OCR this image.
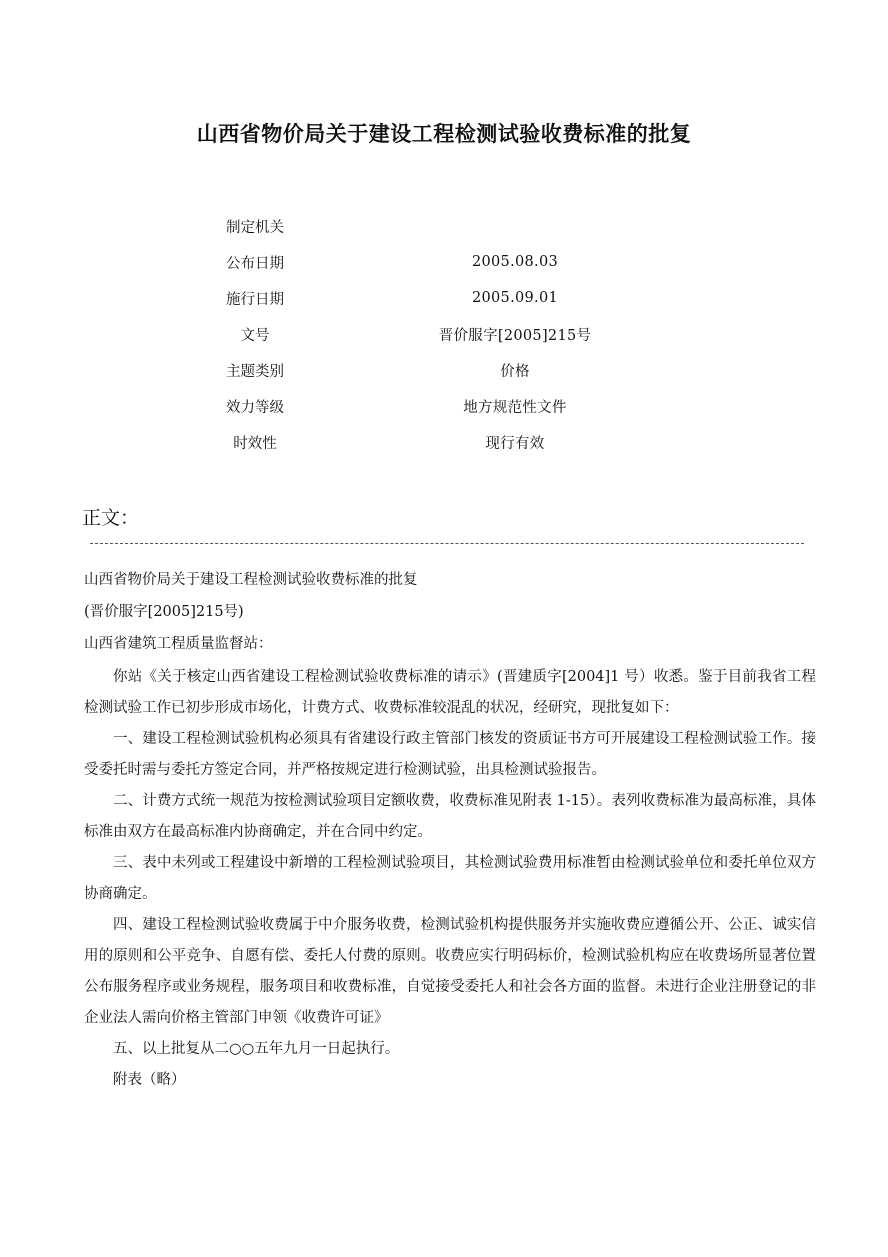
山西省物价局关于建设工程检测试验收费标准的批复
制定机关
公布日期	2005.08.03
施行日期	2005.09.01
文号	晋价服字[2005]215号
主题类别	价格
效力等级	地方规范性文件
时效性	现行有效
正文：
山西省物价局关于建设工程检测试验收费标准的批复
(晋价服字[2005]215号)
山西省建筑工程质量监督站：

你站《关于核定山西省建设工程检测试验收费标准的请示》(晋建质字[2004]1 号）收悉。鉴于目前我省工程检测试验工作已初步形成市场化，计费方式、收费标准较混乱的状况，经研究，现批复如下：

一、建设工程检测试验机构必须具有省建设行政主管部门核发的资质证书方可开展建设工程检测试验工作。接受委托时需与委托方签定合同，并严格按规定进行检测试验，出具检测试验报告。

二、计费方式统一规范为按检测试验项目定额收费，收费标准见附表 1-15）。表列收费标准为最高标准，具体标准由双方在最高标准内协商确定，并在合同中约定。

三、表中未列或工程建设中新增的工程检测试验项目，其检测试验费用标准暂由检测试验单位和委托单位双方协商确定。

四、建设工程检测试验收费属于中介服务收费，检测试验机构提供服务并实施收费应遵循公开、公正、诚实信用的原则和公平竞争、自愿有偿、委托人付费的原则。收费应实行明码标价，检测试验机构应在收费场所显著位置公布服务程序或业务规程，服务项目和收费标准，自觉接受委托人和社会各方面的监督。未进行企业注册登记的非企业法人需向价格主管部门申领《收费许可证》

五、以上批复从二○○五年九月一日起执行。

附表（略）
